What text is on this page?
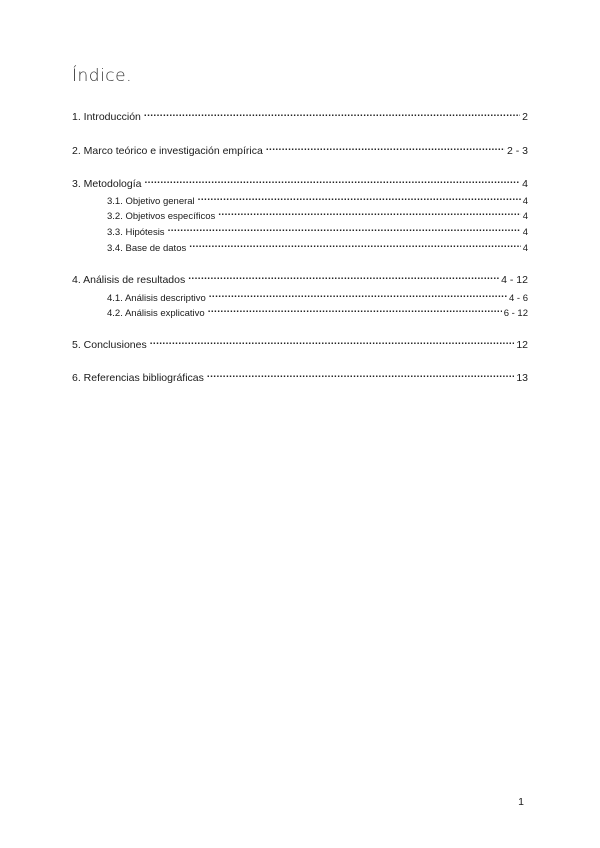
Índice.
1. Introducción .....	2
2. Marco teórico e investigación empírica .....	2 - 3
3. Metodología .....	4
3.1. Objetivo general .....	4
3.2. Objetivos específicos .....	4
3.3. Hipótesis .....	4
3.4. Base de datos .....	4
4. Análisis de resultados .....	4 - 12
4.1. Análisis descriptivo .....	4 - 6
4.2. Análisis explicativo .....	6 - 12
5. Conclusiones .....	12
6. Referencias bibliográficas .....	13
1
